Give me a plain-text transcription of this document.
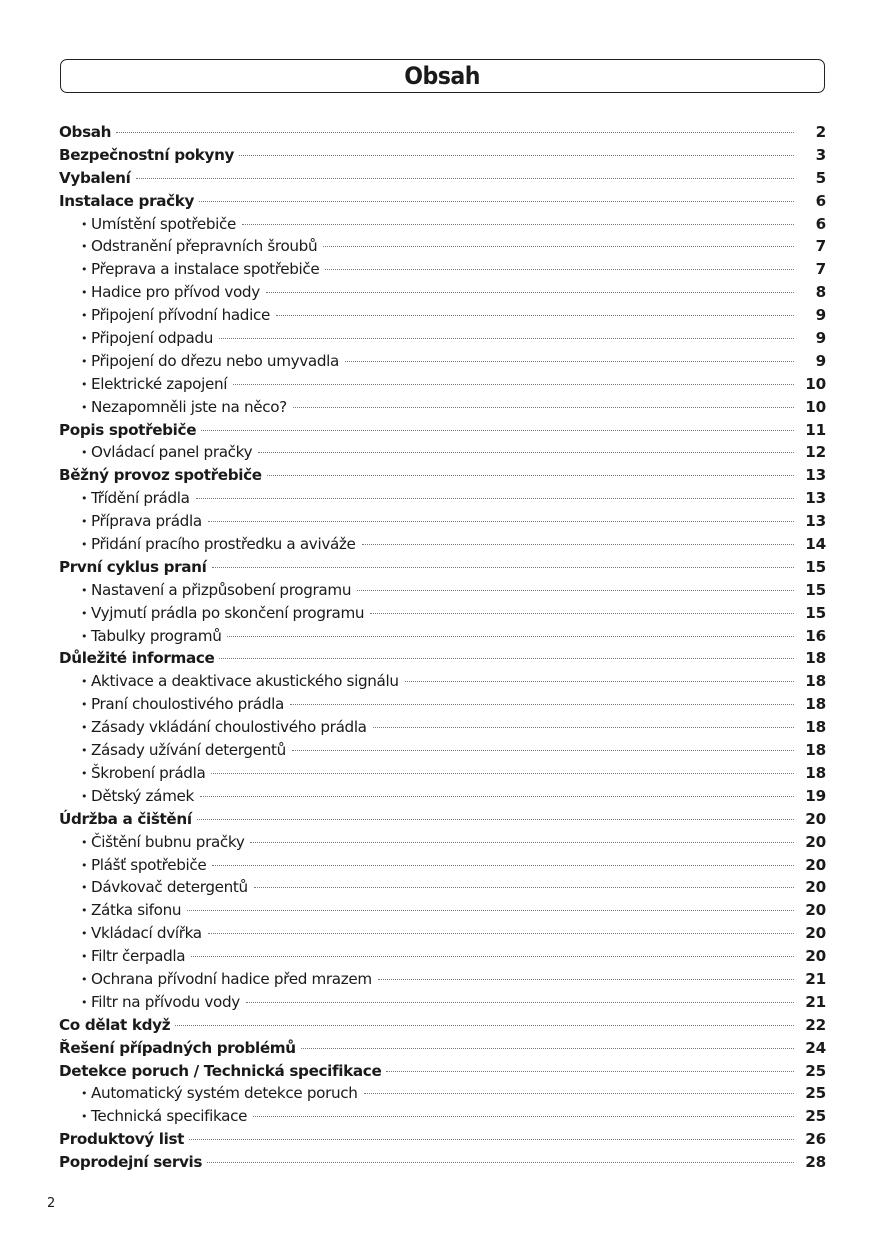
Obsah
Obsah	2
Bezpečnostní pokyny	3
Vybalení	5
Instalace pračky	6
• Umístění spotřebiče	6
• Odstranění přepravních šroubů	7
• Přeprava a instalace spotřebiče	7
• Hadice pro přívod vody	8
• Připojení přívodní hadice	9
• Připojení odpadu	9
• Připojení do dřezu nebo umyvadla	9
• Elektrické zapojení	10
• Nezapomněli jste na něco?	10
Popis spotřebiče	11
• Ovládací panel pračky	12
Běžný provoz spotřebiče	13
• Třídění prádla	13
• Příprava prádla	13
• Přidání pracího prostředku a aviváže	14
První cyklus praní	15
• Nastavení a přizpůsobení programu	15
• Vyjmutí prádla po skončení programu	15
• Tabulky programů	16
Důležité informace	18
• Aktivace a deaktivace akustického signálu	18
• Praní choulostivého prádla	18
• Zásady vkládání choulostivého prádla	18
• Zásady užívání detergentů	18
• Škrobení prádla	18
• Dětský zámek	19
Údržba a čištění	20
• Čištění bubnu pračky	20
• Plášť spotřebiče	20
• Dávkovač detergentů	20
• Zátka sifonu	20
• Vkládací dvířka	20
• Filtr čerpadla	20
• Ochrana přívodní hadice před mrazem	21
• Filtr na přívodu vody	21
Co dělat když	22
Řešení případných problémů	24
Detekce poruch / Technická specifikace	25
• Automatický systém detekce poruch	25
• Technická specifikace	25
Produktový list	26
Poprodejní servis	28
2
